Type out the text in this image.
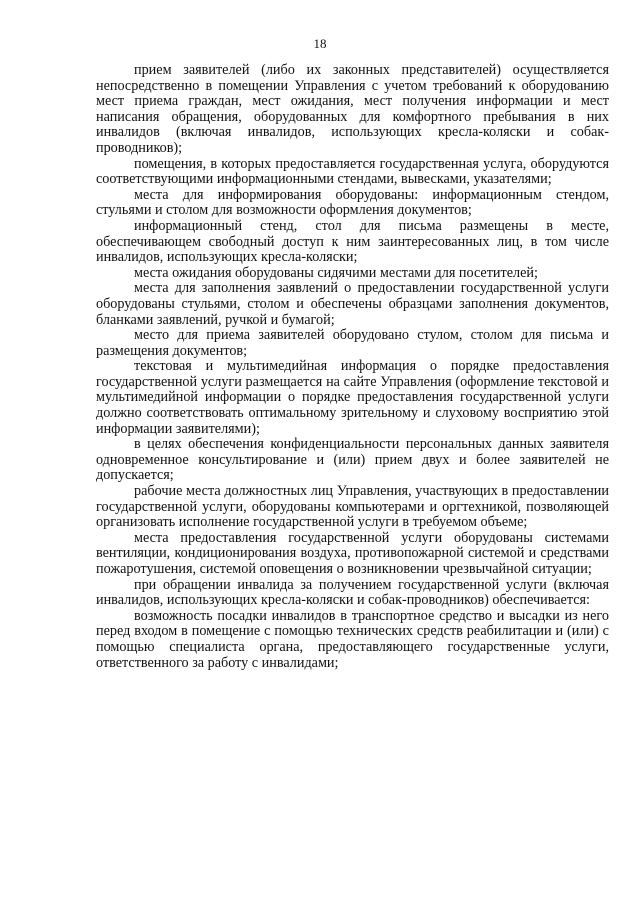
18

прием заявителей (либо их законных представителей) осуществляется непосредственно в помещении Управления с учетом требований к оборудованию мест приема граждан, мест ожидания, мест получения информации и мест написания обращения, оборудованных для комфортного пребывания в них инвалидов (включая инвалидов, использующих кресла-коляски и собак-проводников);

помещения, в которых предоставляется государственная услуга, оборудуются соответствующими информационными стендами, вывесками, указателями;

места для информирования оборудованы: информационным стендом, стульями и столом для возможности оформления документов;

информационный стенд, стол для письма размещены в месте, обеспечивающем свободный доступ к ним заинтересованных лиц, в том числе инвалидов, использующих кресла-коляски;

места ожидания оборудованы сидячими местами для посетителей;

места для заполнения заявлений о предоставлении государственной услуги оборудованы стульями, столом и обеспечены образцами заполнения документов, бланками заявлений, ручкой и бумагой;

место для приема заявителей оборудовано стулом, столом для письма и размещения документов;

текстовая и мультимедийная информация о порядке предоставления государственной услуги размещается на сайте Управления (оформление текстовой и мультимедийной информации о порядке предоставления государственной услуги должно соответствовать оптимальному зрительному и слуховому восприятию этой информации заявителями);

в целях обеспечения конфиденциальности персональных данных заявителя одновременное консультирование и (или) прием двух и более заявителей не допускается;

рабочие места должностных лиц Управления, участвующих в предоставлении государственной услуги, оборудованы компьютерами и оргтехникой, позволяющей организовать исполнение государственной услуги в требуемом объеме;

места предоставления государственной услуги оборудованы системами вентиляции, кондиционирования воздуха, противопожарной системой и средствами пожаротушения, системой оповещения о возникновении чрезвычайной ситуации;

при обращении инвалида за получением государственной услуги (включая инвалидов, использующих кресла-коляски и собак-проводников) обеспечивается:

возможность посадки инвалидов в транспортное средство и высадки из него перед входом в помещение с помощью технических средств реабилитации и (или) с помощью специалиста органа, предоставляющего государственные услуги, ответственного за работу с инвалидами;
